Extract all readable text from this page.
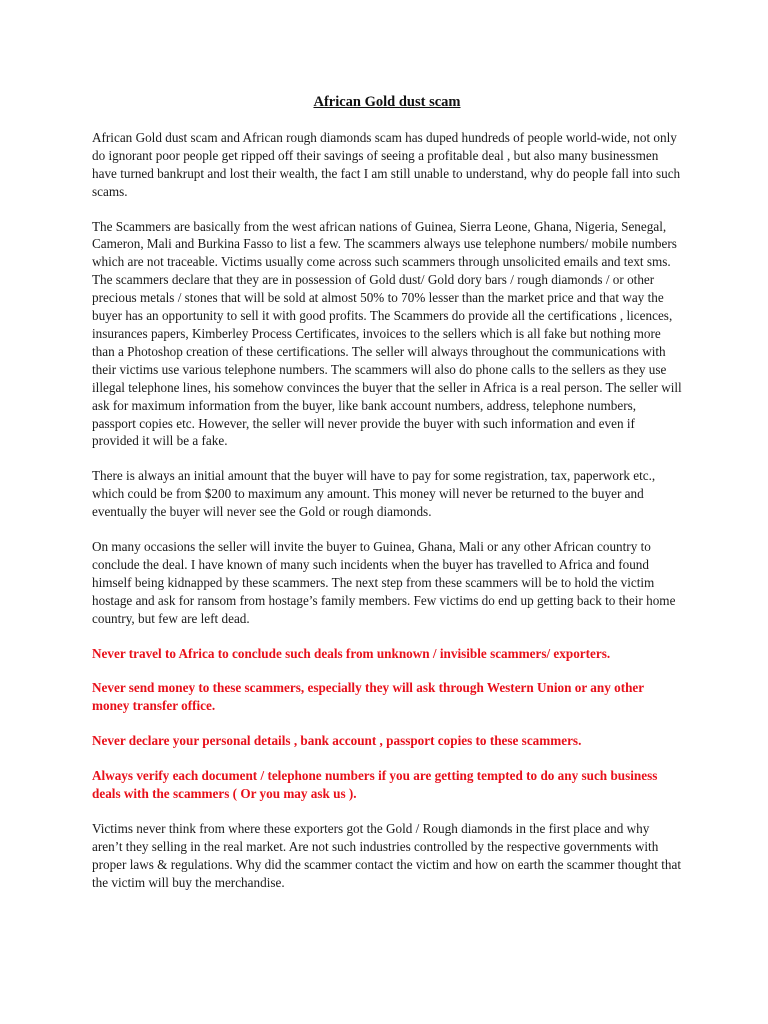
African Gold dust scam

African Gold dust scam and African rough diamonds scam has duped hundreds of people world-wide, not only do ignorant poor people get ripped off their savings of seeing a profitable deal , but also many businessmen have turned bankrupt and lost their wealth, the fact I am still unable to understand, why do people fall into such scams.

The Scammers are basically from the west african nations of Guinea, Sierra Leone, Ghana, Nigeria, Senegal, Cameron, Mali and Burkina Fasso to list a few. The scammers always use telephone numbers/ mobile numbers which are not traceable. Victims usually come across such scammers through unsolicited emails and text sms. The scammers declare that they are in possession of Gold dust/ Gold dory bars / rough diamonds / or other precious metals / stones that will be sold at almost 50% to 70% lesser than the market price and that way the buyer has an opportunity to sell it with good profits. The Scammers do provide all the certifications , licences, insurances papers, Kimberley Process Certificates, invoices to the sellers which is all fake but nothing more than a Photoshop creation of these certifications. The seller will always throughout the communications with their victims use various telephone numbers. The scammers will also do phone calls to the sellers as they use illegal telephone lines, his somehow convinces the buyer that the seller in Africa is a real person. The seller will ask for maximum information from the buyer, like bank account numbers, address, telephone numbers, passport copies etc. However, the seller will never provide the buyer with such information and even if provided it will be a fake.

There is always an initial amount that the buyer will have to pay for some registration, tax, paperwork etc., which could be from $200 to maximum any amount. This money will never be returned to the buyer and eventually the buyer will never see the Gold or rough diamonds.

On many occasions the seller will invite the buyer to Guinea, Ghana, Mali or any other African country to conclude the deal. I have known of many such incidents when the buyer has travelled to Africa and found himself being kidnapped by these scammers. The next step from these scammers will be to hold the victim hostage and ask for ransom from hostage’s family members. Few victims do end up getting back to their home country, but few are left dead.

Never travel to Africa to conclude such deals from unknown / invisible scammers/ exporters.

Never send money to these scammers, especially they will ask through Western Union or any other money transfer office.

Never declare your personal details , bank account , passport copies to these scammers.

Always verify each document / telephone numbers if you are getting tempted to do any such business deals with the scammers ( Or you may ask us ).

Victims never think from where these exporters got the Gold / Rough diamonds in the first place and why aren’t they selling in the real market. Are not such industries controlled by the respective governments with proper laws & regulations. Why did the scammer contact the victim and how on earth the scammer thought that the victim will buy the merchandise.
